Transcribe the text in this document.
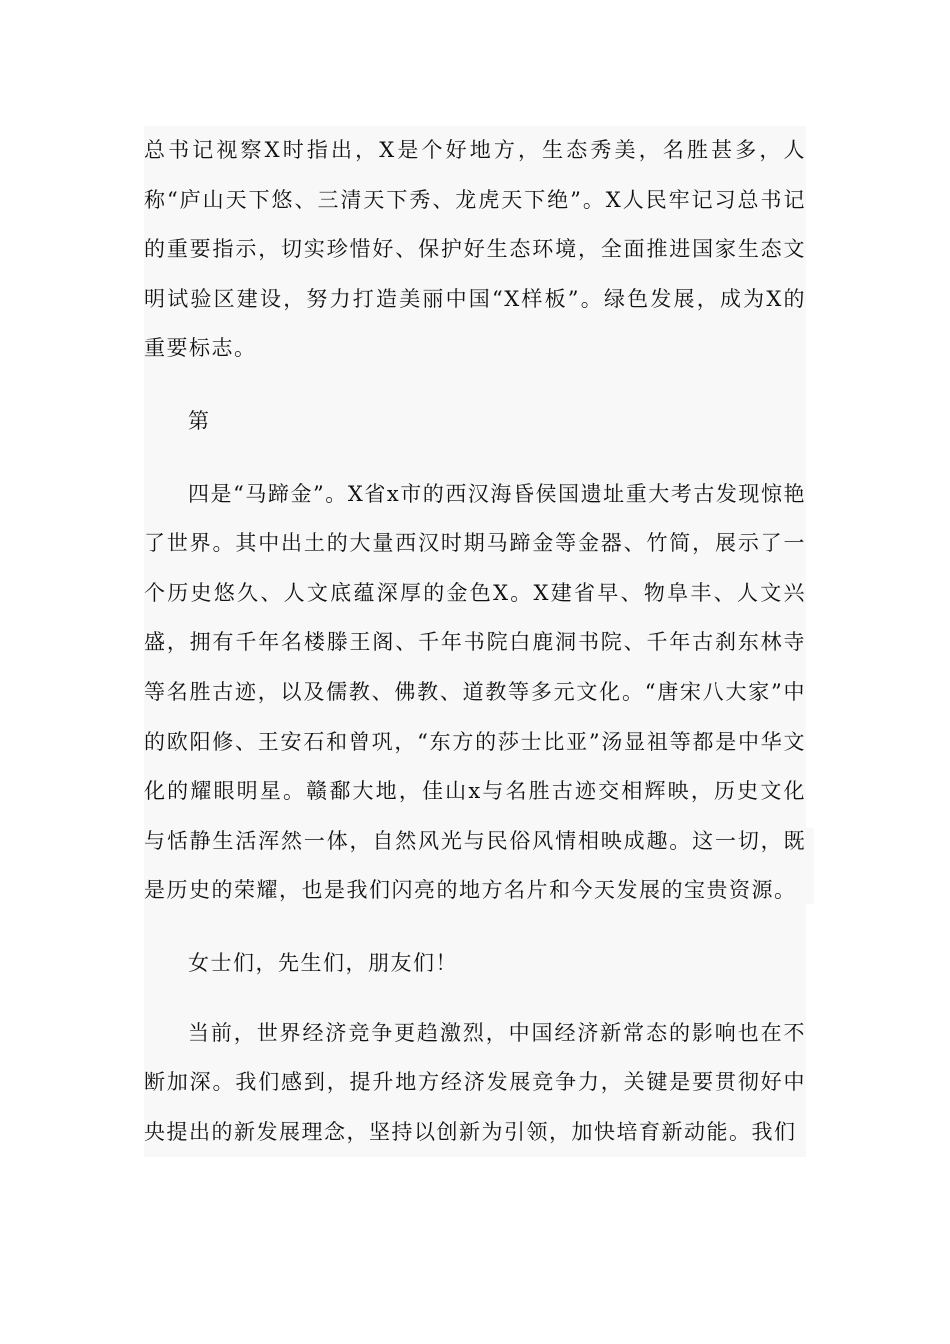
总书记视察X时指出，X是个好地方，生态秀美，名胜甚多，人称“庐山天下悠、三清天下秀、龙虎天下绝”。X人民牢记习总书记的重要指示，切实珍惜好、保护好生态环境，全面推进国家生态文明试验区建设，努力打造美丽中国“X样板”。绿色发展，成为X的重要标志。

第

四是“马蹄金”。X省x市的西汉海昏侯国遗址重大考古发现惊艳了世界。其中出土的大量西汉时期马蹄金等金器、竹简，展示了一个历史悠久、人文底蕴深厚的金色X。X建省早、物阜丰、人文兴盛，拥有千年名楼滕王阁、千年书院白鹿洞书院、千年古刹东林寺等名胜古迹，以及儒教、佛教、道教等多元文化。“唐宋八大家”中的欧阳修、王安石和曾巩，“东方的莎士比亚”汤显祖等都是中华文化的耀眼明星。赣鄱大地，佳山x与名胜古迹交相辉映，历史文化与恬静生活浑然一体，自然风光与民俗风情相映成趣。这一切，既是历史的荣耀，也是我们闪亮的地方名片和今天发展的宝贵资源。

女士们，先生们，朋友们！

当前，世界经济竞争更趋激烈，中国经济新常态的影响也在不断加深。我们感到，提升地方经济发展竞争力，关键是要贯彻好中央提出的新发展理念，坚持以创新为引领，加快培育新动能。我们
